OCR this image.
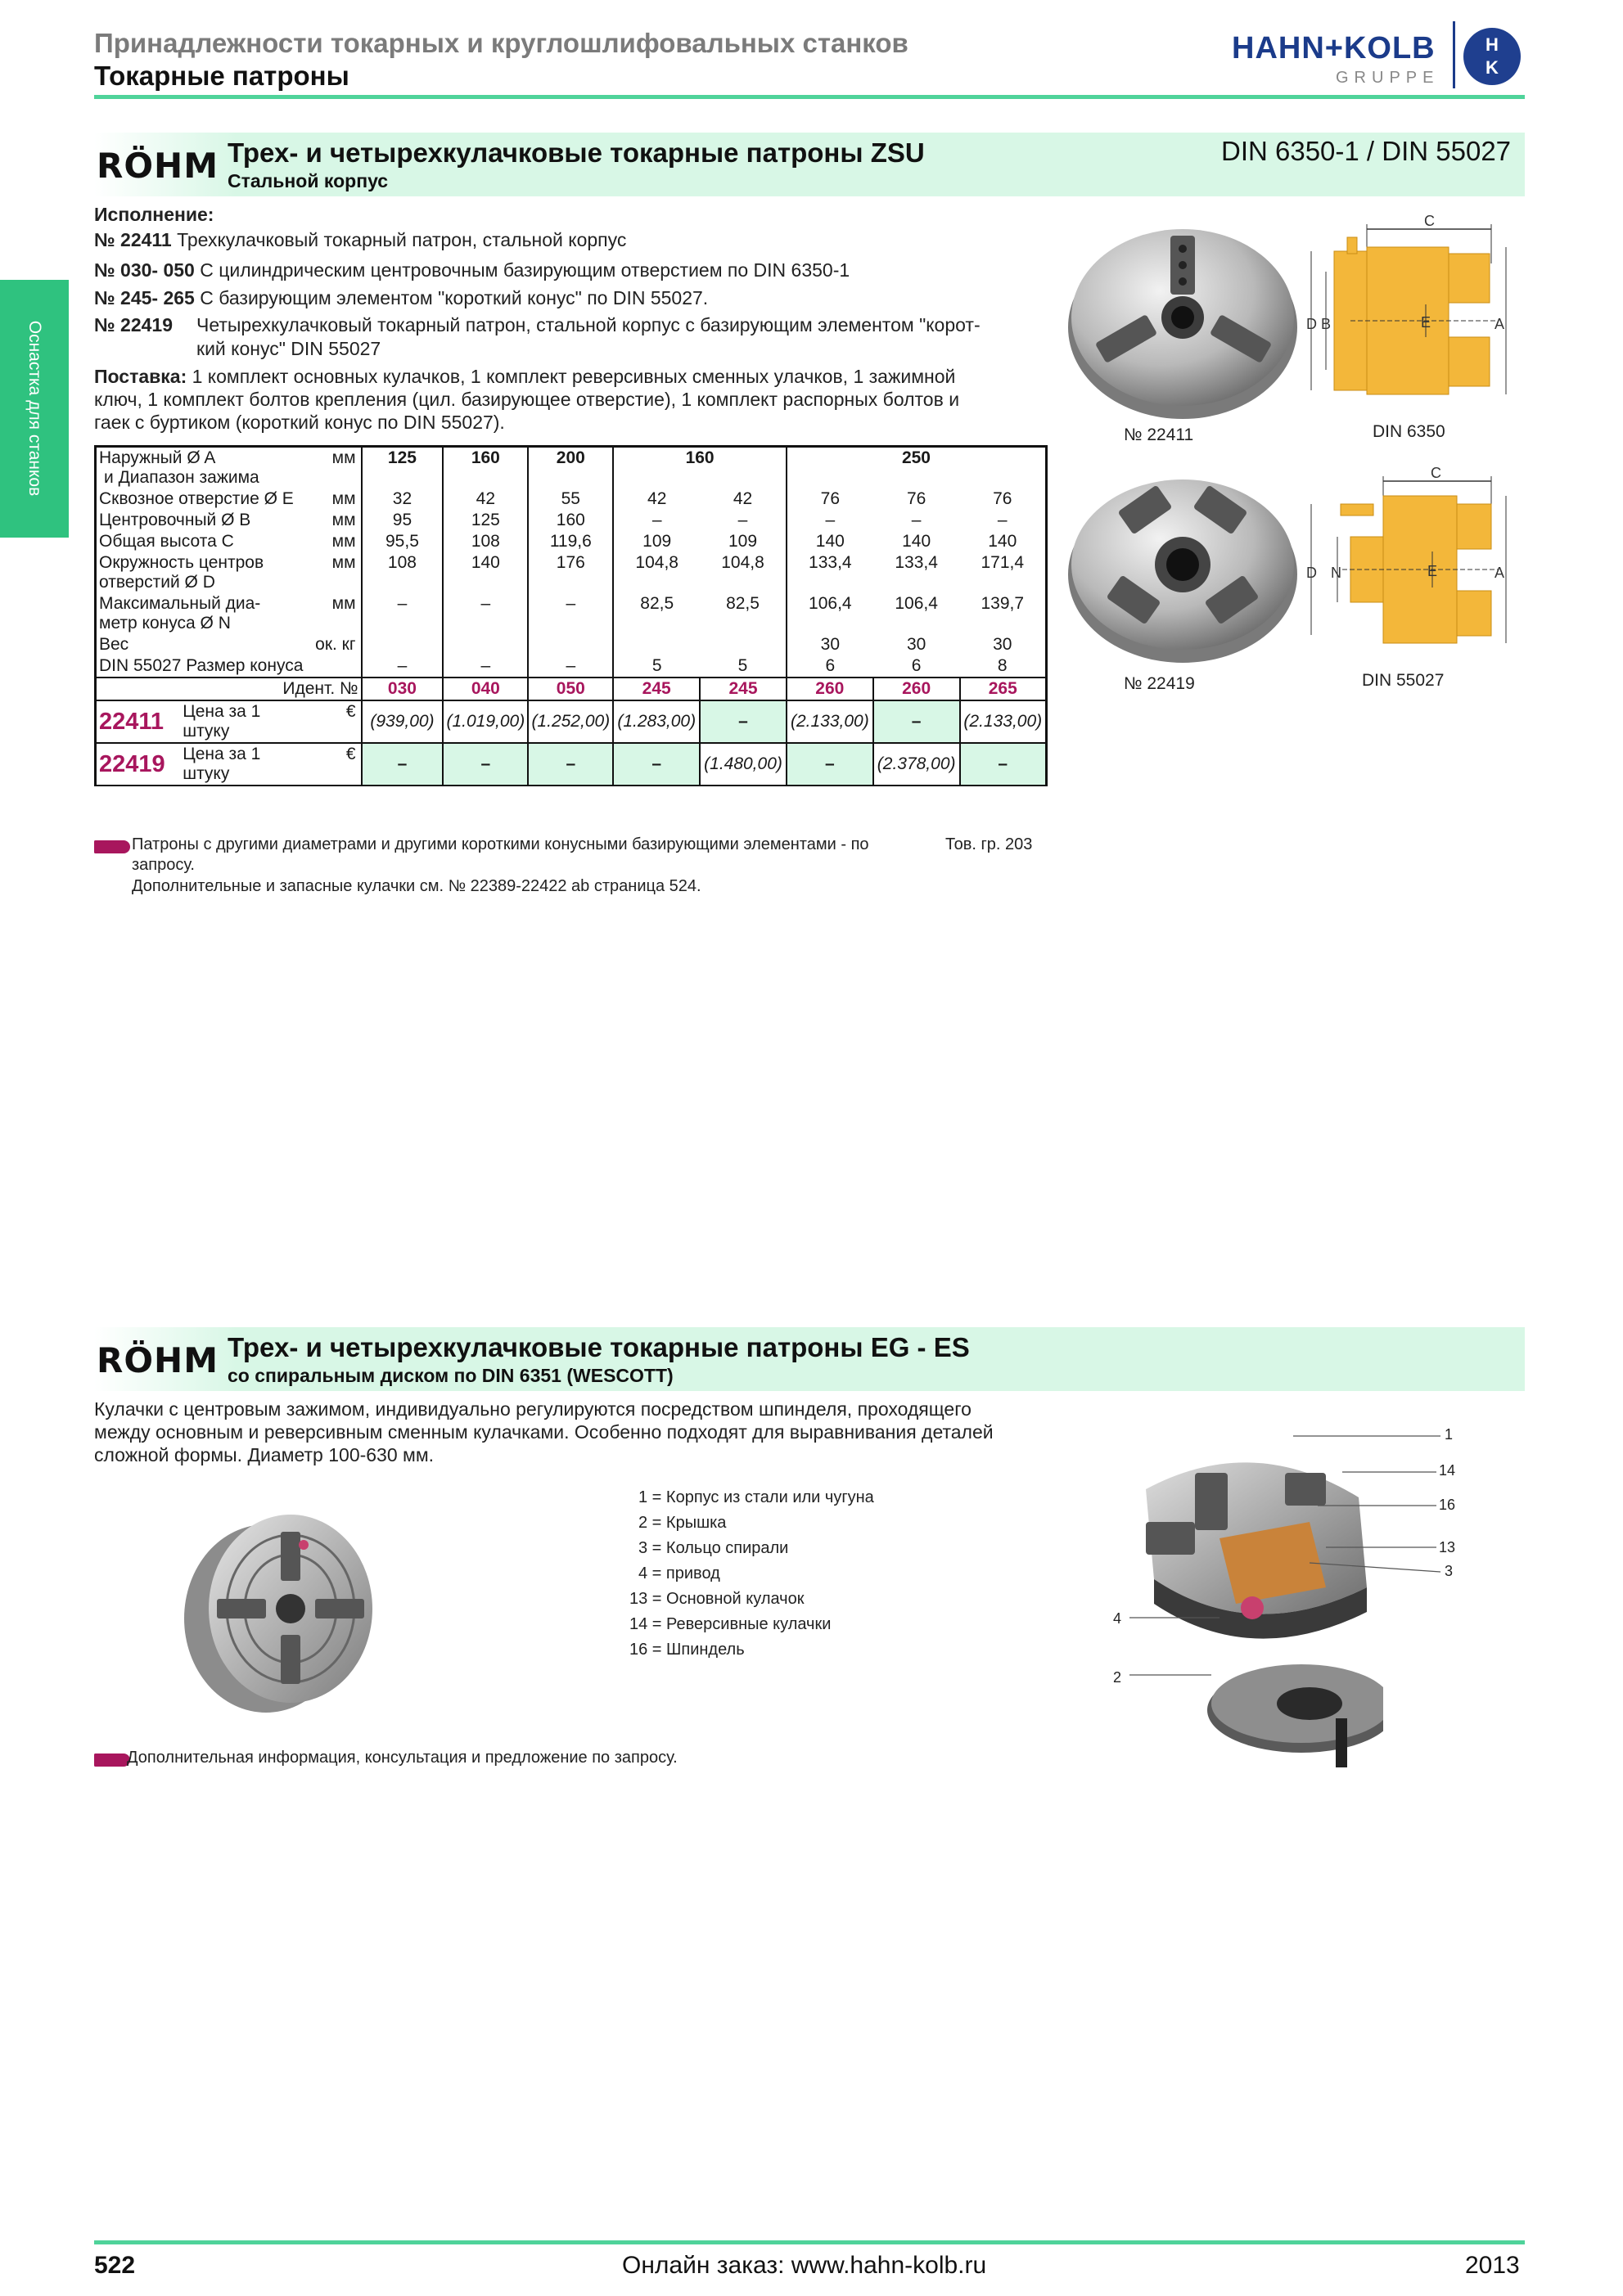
Принадлежности токарных и круглошлифовальных станков
Токарные патроны
HAHN+KOLB
GRUPPE
H
K
Оснастка для станков
RÖHM Трех- и четырехкулачковые токарные патроны ZSU
Стальной корпус
DIN 6350-1 / DIN 55027
Исполнение:
№ 22411 Трехкулачковый токарный патрон, стальной корпус
№ 030- 050 С цилиндрическим центровочным базирующим отверстием по DIN 6350-1
№ 245- 265 С базирующим элементом "короткий конус" по DIN 55027.
№ 22419 Четырехкулачковый токарный патрон, стальной корпус с базирующим элементом "корот-
кий конус" DIN 55027
Поставка: 1 комплект основных кулачков, 1 комплект реверсивных сменных улачков, 1 зажимной
ключ, 1 комплект болтов крепления (цил. базирующее отверстие), 1 комплект распорных болтов и
гаек с буртиком (короткий конус по DIN 55027).
Наружный Ø A
и Диапазон зажима		мм	125	160	200	160		250		
Сквозное отверстие Ø E		мм	32	42	55	42	42	76	76	76
Центровочный Ø B		мм	95	125	160	–	–	–	–	–
Общая высота C		мм	95,5	108	119,6	109	109	140	140	140

Окружность центров
отверстий Ø D		мм	108	140	176	104,8	104,8	133,4	133,4	171,4

Максимальный диа-
метр конуса Ø N		мм	–	–	–	82,5	82,5	106,4	106,4	139,7
Вес		ок. кг						30	30	30
DIN 55027 Размер конуса			–	–	–	5	5	6	6	8
Идент. №			030	040	050	245	245	260	260	265
22411	Цена за 1
штуку	€	(939,00)	(1.019,00)	(1.252,00)	(1.283,00)	–	(2.133,00)	–	(2.133,00)
22419	Цена за 1
штуку	€	–	–	–	–	(1.480,00)	–	(2.378,00)	–
Патроны с другими диаметрами и другими короткими конусными базирующими элементами - по
запросу.
Дополнительные и запасные кулачки см. № 22389-22422 ab страница 524.
Тов. гр. 203
№ 22411
C
D B	E	A
DIN 6350
№ 22419
C
D N	E	A
DIN 55027
RÖHM Трех- и четырехкулачковые токарные патроны EG - ES
со спиральным диском по DIN 6351 (WESCOTT)
Кулачки с центровым зажимом, индивидуально регулируются посредством шпинделя, проходящего
между основным и реверсивным сменным кулачками. Особенно подходят для выравнивания деталей
сложной формы. Диаметр 100-630 мм.
1 = Корпус из стали или чугуна
2 = Крышка
3 = Кольцо спирали
4 = привод
13 = Основной кулачок
14 = Реверсивные кулачки
16 = Шпиндель
1
14
16
13
3
4
2
Дополнительная информация, консультация и предложение по запросу.
522	Онлайн заказ: www.hahn-kolb.ru	2013
